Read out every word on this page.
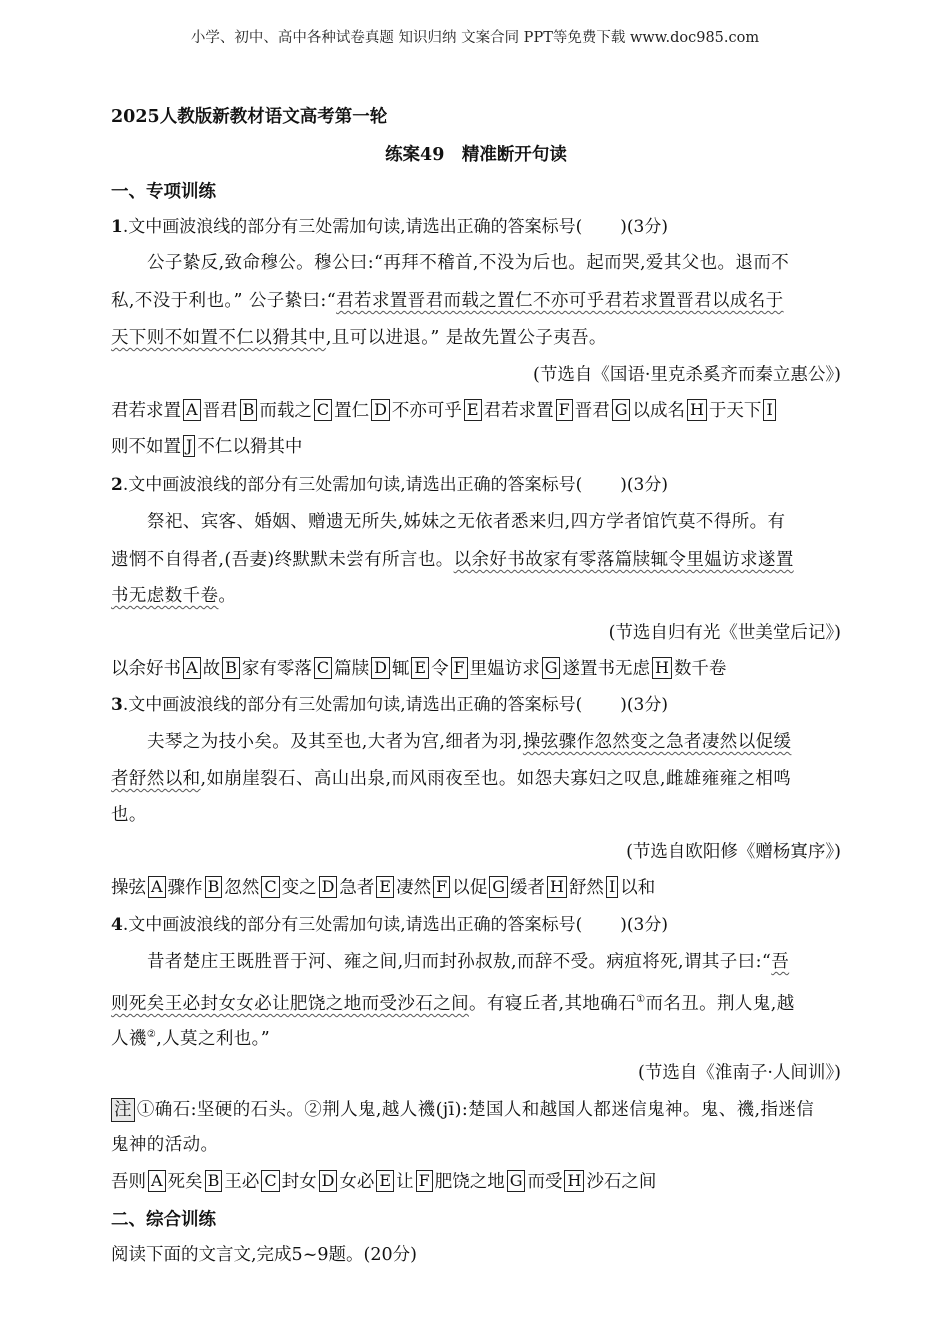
小学、初中、高中各种试卷真题 知识归纳 文案合同 PPT等免费下载 www.doc985.com
2025人教版新教材语文高考第一轮
练案49　精准断开句读
一、专项训练
1.文中画波浪线的部分有三处需加句读,请选出正确的答案标号( )(3分)
公子絷反,致命穆公。穆公曰:“再拜不稽首,不没为后也。起而哭,爱其父也。退而不
私,不没于利也。” 公子絷曰:“君若求置晋君而载之置仁不亦可乎君若求置晋君以成名于
天下则不如置不仁以猾其中,且可以进退。” 是故先置公子夷吾。
(节选自《国语·里克杀奚齐而秦立惠公》)
君若求置 A 晋君 B 而载之 C 置仁 D 不亦可乎 E 君若求置 F 晋君 G 以成名 H 于天下 I
则不如置 J 不仁以猾其中
2.文中画波浪线的部分有三处需加句读,请选出正确的答案标号( )(3分)
祭祀、宾客、婚姻、赠遗无所失,姊妹之无依者悉来归,四方学者馆饩莫不得所。有
遗惘不自得者,(吾妻)终默默未尝有所言也。以余好书故家有零落篇牍辄令里媪访求遂置
书无虑数千卷。
(节选自归有光《世美堂后记》)
以余好书 A 故 B 家有零落 C 篇牍 D 辄 E 令 F 里媪访求 G 遂置书无虑 H 数千卷
3.文中画波浪线的部分有三处需加句读,请选出正确的答案标号( )(3分)
夫琴之为技小矣。及其至也,大者为宫,细者为羽,操弦骤作忽然变之急者凄然以促缓
者舒然以和,如崩崖裂石、高山出泉,而风雨夜至也。如怨夫寡妇之叹息,雌雄雍雍之相鸣
也。
(节选自欧阳修《赠杨寘序》)
操弦 A 骤作 B 忽然 C 变之 D 急者 E 凄然 F 以促 G 缓者 H 舒然 I 以和
4.文中画波浪线的部分有三处需加句读,请选出正确的答案标号( )(3分)
昔者楚庄王既胜晋于河、雍之间,归而封孙叔敖,而辞不受。病疽将死,谓其子曰:“吾
则死矣王必封女女必让肥饶之地而受沙石之间。有寝丘者,其地确石①而名丑。荆人鬼,越
人禨②,人莫之利也。”
(节选自《淮南子·人间训》)
注 ①确石:坚硬的石头。②荆人鬼,越人禨(jī):楚国人和越国人都迷信鬼神。鬼、禨,指迷信
鬼神的活动。
吾则 A 死矣 B 王必 C 封女 D 女必 E 让 F 肥饶之地 G 而受 H 沙石之间
二、综合训练
阅读下面的文言文,完成5~9题。(20分)
